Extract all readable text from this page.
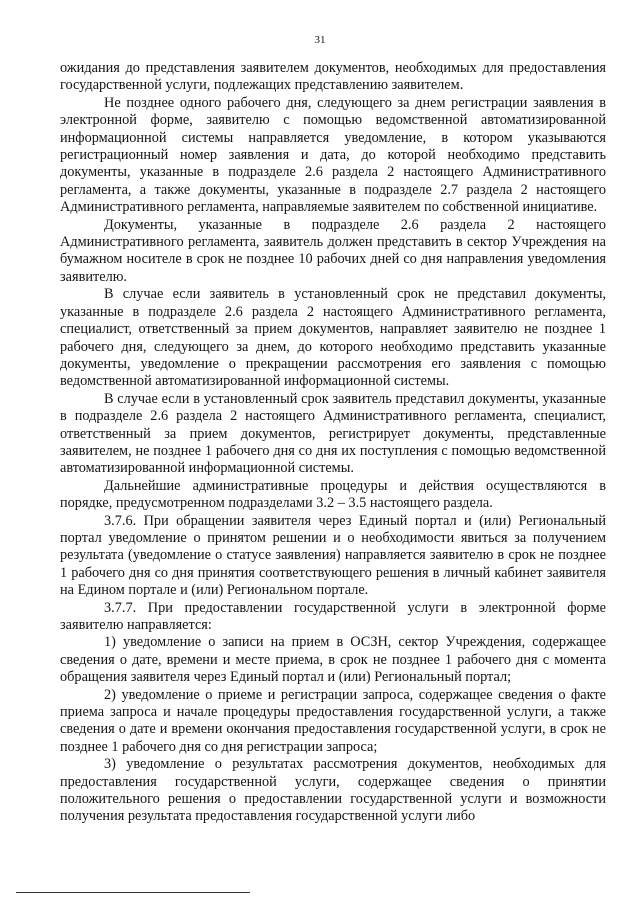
31

ожидания до представления заявителем документов, необходимых для предоставления государственной услуги, подлежащих представлению заявителем.

Не позднее одного рабочего дня, следующего за днем регистрации заявления в электронной форме, заявителю с помощью ведомственной автоматизированной информационной системы направляется уведомление, в котором указываются регистрационный номер заявления и дата, до которой необходимо представить документы, указанные в подразделе 2.6 раздела 2 настоящего Административного регламента, а также документы, указанные в подразделе 2.7 раздела 2 настоящего Административного регламента, направляемые заявителем по собственной инициативе.

Документы, указанные в подразделе 2.6 раздела 2 настоящего Административного регламента, заявитель должен представить в сектор Учреждения на бумажном носителе в срок не позднее 10 рабочих дней со дня направления уведомления заявителю.

В случае если заявитель в установленный срок не представил документы, указанные в подразделе 2.6 раздела 2 настоящего Административного регламента, специалист, ответственный за прием документов, направляет заявителю не позднее 1 рабочего дня, следующего за днем, до которого необходимо представить указанные документы, уведомление о прекращении рассмотрения его заявления с помощью ведомственной автоматизированной информационной системы.

В случае если в установленный срок заявитель представил документы, указанные в подразделе 2.6 раздела 2 настоящего Административного регламента, специалист, ответственный за прием документов, регистрирует документы, представленные заявителем, не позднее 1 рабочего дня со дня их поступления с помощью ведомственной автоматизированной информационной системы.

Дальнейшие административные процедуры и действия осуществляются в порядке, предусмотренном подразделами 3.2 – 3.5 настоящего раздела.

3.7.6. При обращении заявителя через Единый портал и (или) Региональный портал уведомление о принятом решении и о необходимости явиться за получением результата (уведомление о статусе заявления) направляется заявителю в срок не позднее 1 рабочего дня со дня принятия соответствующего решения в личный кабинет заявителя на Едином портале и (или) Региональном портале.

3.7.7. При предоставлении государственной услуги в электронной форме заявителю направляется:

1) уведомление о записи на прием в ОСЗН, сектор Учреждения, содержащее сведения о дате, времени и месте приема, в срок не позднее 1 рабочего дня с момента обращения заявителя через Единый портал и (или) Региональный портал;

2) уведомление о приеме и регистрации запроса, содержащее сведения о факте приема запроса и начале процедуры предоставления государственной услуги, а также сведения о дате и времени окончания предоставления государственной услуги, в срок не позднее 1 рабочего дня со дня регистрации запроса;

3) уведомление о результатах рассмотрения документов, необходимых для предоставления государственной услуги, содержащее сведения о принятии положительного решения о предоставлении государственной услуги и возможности получения результата предоставления государственной услуги либо
